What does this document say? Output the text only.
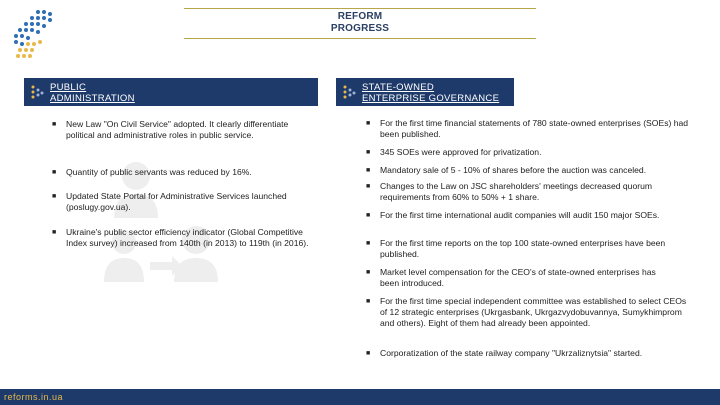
REFORM
PROGRESS
PUBLIC
ADMINISTRATION
STATE-OWNED
ENTERPRISE GOVERNANCE
■ New Law "On Civil Service" adopted. It clearly differentiate political and administrative roles in public service.
■ Quantity of public servants was reduced by 16%.
■ Updated State Portal for Administrative Services launched (poslugy.gov.ua).
■ Ukraine's public sector efficiency indicator (Global Competitive Index survey) increased from 140th (in 2013) to 119th (in 2016).
■ For the first time financial statements of 780 state-owned enterprises (SOEs) had been published.
■ 345 SOEs were approved for privatization.
■ Mandatory sale of 5 - 10% of shares before the auction was canceled.
■ Changes to the Law on JSC shareholders' meetings decreased quorum requirements from 60% to 50% + 1 share.
■ For the first time international audit companies will audit 150 major SOEs.
■ For the first time reports on the top 100 state-owned enterprises have been published.
■ Market level compensation for the CEO's of state-owned enterprises has been introduced.
■ For the first time special independent committee was established to select CEOs of 12 strategic enterprises (Ukrgasbank, Ukrgazvydobuvannya, Sumykhimprom and others). Eight of them had already been appointed.
■ Corporatization of the state railway company "Ukrzaliznytsia" started.
reforms.in.ua
